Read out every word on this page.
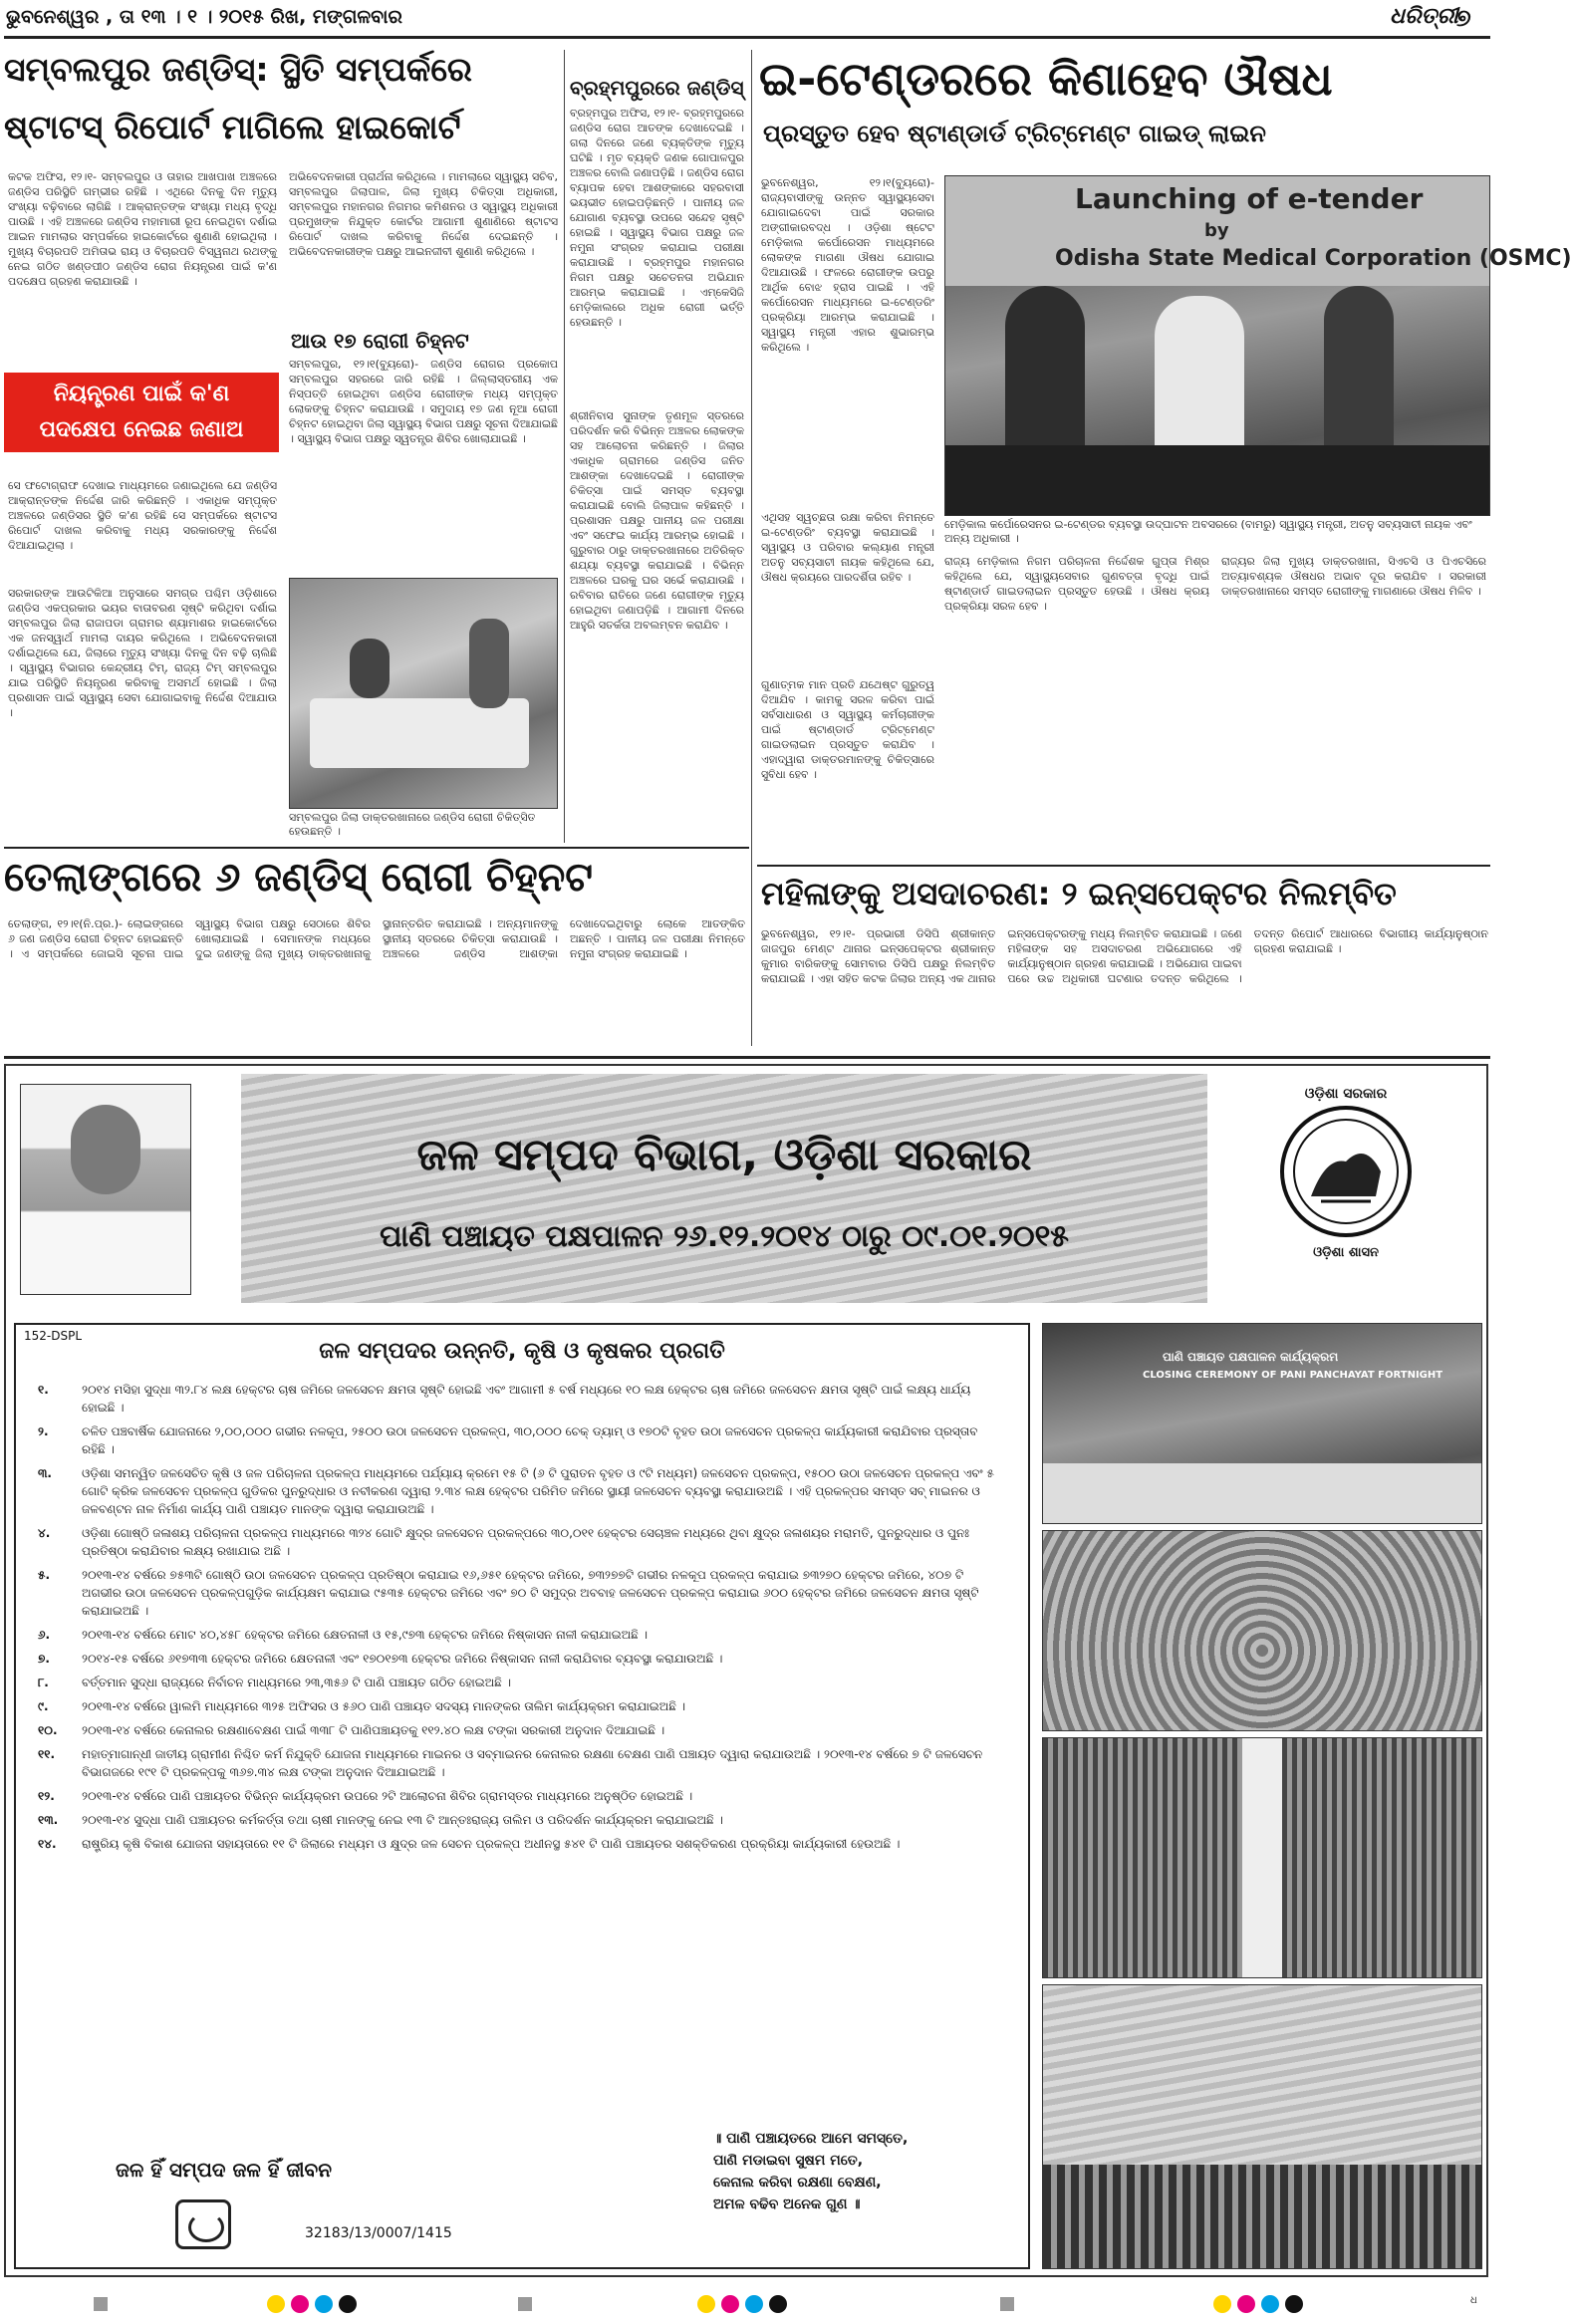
ଭୁବନେଶ୍ୱର , ତା ୧୩ । ୧ । ୨୦୧୫ ରିଖ, ମଙ୍ଗଳବାର	ଧରିତ୍ରୀ
୭
ସମ୍ବଲପୁର ଜଣ୍ଡିସ୍: ସ୍ଥିତି ସମ୍ପର୍କରେ
ଷ୍ଟାଟସ୍ ରିପୋର୍ଟ ମାଗିଲେ ହାଇକୋର୍ଟ
କଟକ ଅଫିସ, ୧୨।୧- ସମ୍ବଲପୁର ଓ ତାହାର ଆଖପାଖ ଅଞ୍ଚଳରେ ଜଣ୍ଡିସ ପରିସ୍ଥିତି ଗମ୍ଭୀର ରହିଛି । ଏଥିରେ ଦିନକୁ ଦିନ ମୃତ୍ୟୁ ସଂଖ୍ୟା ବଢ଼ିବାରେ ଲାଗିଛି । ଆକ୍ରାନ୍ତଙ୍କ ସଂଖ୍ୟା ମଧ୍ୟ ବୃଦ୍ଧି ପାଉଛି । ଏହି ଅଞ୍ଚଳରେ ଜଣ୍ଡିସ ମହାମାରୀ ରୂପ ନେଇଥିବା ଦର୍ଶାଇ ଆଇନ ମାମଲାର ସମ୍ପର୍କରେ ହାଇକୋର୍ଟରେ ଶୁଣାଣି ହୋଇଥିଲା । ମୁଖ୍ୟ ବିଚାରପତି ଅମିତାଭ ରାୟ ଓ ବିଚାରପତି ବିସ୍ୱନାଥ ରଥଙ୍କୁ ନେଇ ଗଠିତ ଖଣ୍ଡପୀଠ ଜଣ୍ଡିସ ରୋଗ ନିୟନ୍ତ୍ରଣ ପାଇଁ କ'ଣ ପଦକ୍ଷେପ ଗ୍ରହଣ କରାଯାଉଛି ।
ଅଭିବେଦନକାରୀ ପ୍ରାର୍ଥନା କରିଥିଲେ । ମାମଲାରେ ସ୍ୱାସ୍ଥ୍ୟ ସଚିବ, ସମ୍ବଲପୁର ଜିଲାପାଳ, ଜିଲା ମୁଖ୍ୟ ଚିକିତ୍ସା ଅଧିକାରୀ, ସମ୍ବଲପୁର ମହାନଗର ନିଗମର କମିଶନର ଓ ସ୍ୱାସ୍ଥ୍ୟ ଅଧିକାରୀ ପ୍ରମୁଖଙ୍କ ନିଯୁକ୍ତ କୋର୍ଟର ଆଗାମୀ ଶୁଣାଣିରେ ଷ୍ଟାଟସ ରିପୋର୍ଟ ଦାଖଲ କରିବାକୁ ନିର୍ଦ୍ଦେଶ ଦେଇଛନ୍ତି । ଅଭିବେଦନକାରୀଙ୍କ ପକ୍ଷରୁ ଆଇନଜୀବୀ ଶୁଣାଣି କରିଥିଲେ ।
ନିୟନ୍ତ୍ରଣ ପାଇଁ କ'ଣ ପଦକ୍ଷେପ ନେଇଛ ଜଣାଅ
ସେ ଫଟୋଗ୍ରାଫ ଦେଖାଇ ମାଧ୍ୟମରେ ଜଣାଇଥିଲେ ଯେ ଜଣ୍ଡିସ ଆକ୍ରାନ୍ତଙ୍କ ନିର୍ଦ୍ଦେଶ ଜାରି କରିଛନ୍ତି । ଏକାଧିକ ସମ୍ପୃକ୍ତ ଅଞ୍ଚଳରେ ଜଣ୍ଡିସର ସ୍ଥିତି କ'ଣ ରହିଛି ସେ ସମ୍ପର୍କରେ ଷ୍ଟାଟସ ରିପୋର୍ଟ ଦାଖଲ କରିବାକୁ ମଧ୍ୟ ସରକାରଙ୍କୁ ନିର୍ଦ୍ଦେଶ ଦିଆଯାଇଥିଲା ।
ସରକାରଙ୍କ ଆଉଟିକିଆ ଅନୁସାରେ ସମଗ୍ର ପଶ୍ଚିମ ଓଡ଼ିଶାରେ ଜଣ୍ଡିସ ଏକପ୍ରକାର ଭୟର ବାତାବରଣ ସୃଷ୍ଟି କରିଥିବା ଦର୍ଶାଇ ସମ୍ବଲପୁର ଜିଲା ରାଜାପଡା ଗ୍ରାମର ଶ୍ୟାମାଶର ହାଇକୋର୍ଟରେ ଏକ ଜନସ୍ୱାର୍ଥ ମାମଲା ଦାୟର କରିଥିଲେ । ଅଭିବେଦନକାରୀ ଦର୍ଶାଇଥିଲେ ଯେ, ଜିଲାରେ ମୃତ୍ୟୁ ସଂଖ୍ୟା ଦିନକୁ ଦିନ ବଢ଼ି ଚାଲିଛି । ସ୍ୱାସ୍ଥ୍ୟ ବିଭାଗର କେନ୍ଦ୍ରୀୟ ଟିମ୍, ରାଜ୍ୟ ଟିମ୍ ସମ୍ବଲପୁର ଯାଇ ପରିସ୍ଥିତି ନିୟନ୍ତ୍ରଣ କରିବାକୁ ଅସମର୍ଥ ହୋଇଛି । ଜିଲା ପ୍ରଶାସନ ପାଇଁ ସ୍ୱାସ୍ଥ୍ୟ ସେବା ଯୋଗାଇବାକୁ ନିର୍ଦ୍ଦେଶ ଦିଆଯାଉ ।
ଆଉ ୧୭ ରୋଗୀ ଚିହ୍ନଟ
ସମ୍ବଲପୁର, ୧୨।୧(ବ୍ୟୁରୋ)- ଜଣ୍ଡିସ ରୋଗର ପ୍ରକୋପ ସମ୍ବଲପୁର ସହରରେ ଜାରି ରହିଛି । ଜିଲ୍ଲାସ୍ତରୀୟ ଏକ ନିସ୍ପତ୍ତି ହୋଇଥିବା ଜଣ୍ଡିସ ରୋଗୀଙ୍କ ମଧ୍ୟ ସମ୍ପୃକ୍ତ ଲୋକଙ୍କୁ ଚିହ୍ନଟ କରାଯାଉଛି । ସମୁଦାୟ ୧୭ ଜଣ ନୂଆ ରୋଗୀ ଚିହ୍ନଟ ହୋଇଥିବା ଜିଲା ସ୍ୱାସ୍ଥ୍ୟ ବିଭାଗ ପକ୍ଷରୁ ସୂଚନା ଦିଆଯାଇଛି । ସ୍ୱାସ୍ଥ୍ୟ ବିଭାଗ ପକ୍ଷରୁ ସ୍ୱତନ୍ତ୍ର ଶିବିର ଖୋଲାଯାଇଛି ।
ସମ୍ବଲପୁର ଜିଲା ଡାକ୍ତରଖାନାରେ ଜଣ୍ଡିସ ରୋଗୀ ଚିକିତ୍ସିତ ହେଉଛନ୍ତି ।
ବ୍ରହ୍ମପୁରରେ ଜଣ୍ଡିସ୍
ବ୍ରହ୍ମପୁର ଅଫିସ, ୧୨।୧- ବ୍ରହ୍ମପୁରରେ ଜଣ୍ଡିସ ରୋଗ ଆତଙ୍କ ଦେଖାଦେଇଛି । ଗଲା ଦିନରେ ଜଣେ ବ୍ୟକ୍ତିଙ୍କ ମୃତ୍ୟୁ ଘଟିଛି । ମୃତ ବ୍ୟକ୍ତି ଜଣକ ଗୋପାଳପୁର ଅଞ୍ଚଳର ବୋଲି ଜଣାପଡ଼ିଛି । ଜଣ୍ଡିସ ରୋଗ ବ୍ୟାପକ ହେବା ଆଶଙ୍କାରେ ସହରବାସୀ ଭୟଭୀତ ହୋଇପଡ଼ିଛନ୍ତି । ପାନୀୟ ଜଳ ଯୋଗାଣ ବ୍ୟବସ୍ଥା ଉପରେ ସନ୍ଦେହ ସୃଷ୍ଟି ହୋଇଛି । ସ୍ୱାସ୍ଥ୍ୟ ବିଭାଗ ପକ୍ଷରୁ ଜଳ ନମୁନା ସଂଗ୍ରହ କରାଯାଇ ପରୀକ୍ଷା କରାଯାଉଛି । ବ୍ରହ୍ମପୁର ମହାନଗର ନିଗମ ପକ୍ଷରୁ ସଚେତନତା ଅଭିଯାନ ଆରମ୍ଭ କରାଯାଇଛି । ଏମ୍କେସିଜି ମେଡ଼ିକାଲରେ ଅଧିକ ରୋଗୀ ଭର୍ତ୍ତି ହେଉଛନ୍ତି ।
ଶ୍ରୀନିବାସ ସୁନାଙ୍କ ତୃଣମୂଳ ସ୍ତରରେ ପରିଦର୍ଶନ କରି ବିଭିନ୍ନ ଅଞ୍ଚଳର ଲୋକଙ୍କ ସହ ଆଲୋଚନା କରିଛନ୍ତି । ଜିଲାର ଏକାଧିକ ଗ୍ରାମରେ ଜଣ୍ଡିସ ଜନିତ ଆଶଙ୍କା ଦେଖାଦେଇଛି । ରୋଗୀଙ୍କ ଚିକିତ୍ସା ପାଇଁ ସମସ୍ତ ବ୍ୟବସ୍ଥା କରାଯାଇଛି ବୋଲି ଜିଲାପାଳ କହିଛନ୍ତି । ପ୍ରଶାସନ ପକ୍ଷରୁ ପାନୀୟ ଜଳ ପରୀକ୍ଷା ଏବଂ ସଫେଇ କାର୍ଯ୍ୟ ଆରମ୍ଭ ହୋଇଛି । ଗୁରୁବାର ଠାରୁ ଡାକ୍ତରଖାନାରେ ଅତିରିକ୍ତ ଶଯ୍ୟା ବ୍ୟବସ୍ଥା କରାଯାଇଛି । ବିଭିନ୍ନ ଅଞ୍ଚଳରେ ଘରକୁ ଘର ସର୍ଭେ କରାଯାଉଛି । ରବିବାର ରାତିରେ ଜଣେ ରୋଗୀଙ୍କ ମୃତ୍ୟୁ ହୋଇଥିବା ଜଣାପଡ଼ିଛି । ଆଗାମୀ ଦିନରେ ଆହୁରି ସତର୍କତା ଅବଲମ୍ବନ କରାଯିବ ।
ଇ-ଟେଣ୍ଡରରେ କିଣାହେବ ଔଷଧ
ପ୍ରସ୍ତୁତ ହେବ ଷ୍ଟାଣ୍ଡାର୍ଡ ଟ୍ରିଟ୍‌ମେଣ୍ଟ ଗାଇଡ୍ ଲାଇନ
ଭୁବନେଶ୍ୱର, ୧୨।୧(ବ୍ୟୁରୋ)- ରାଜ୍ୟବାସୀଙ୍କୁ ଉନ୍ନତ ସ୍ୱାସ୍ଥ୍ୟସେବା ଯୋଗାଇଦେବା ପାଇଁ ସରକାର ଅଙ୍ଗୀକାରବଦ୍ଧ । ଓଡ଼ିଶା ଷ୍ଟେଟ ମେଡ଼ିକାଲ କର୍ପୋରେସନ ମାଧ୍ୟମରେ ଲୋକଙ୍କ ମାଗଣା ଔଷଧ ଯୋଗାଇ ଦିଆଯାଉଛି । ଫଳରେ ରୋଗୀଙ୍କ ଉପରୁ ଆର୍ଥିକ ବୋଝ ହ୍ରାସ ପାଇଛି । ଏହି କର୍ପୋରେସନ ମାଧ୍ୟମରେ ଇ-ଟେଣ୍ଡରିଂ ପ୍ରକ୍ରିୟା ଆରମ୍ଭ କରାଯାଇଛି । ସ୍ୱାସ୍ଥ୍ୟ ମନ୍ତ୍ରୀ ଏହାର ଶୁଭାରମ୍ଭ କରିଥିଲେ ।
ଏଥିସହ ସ୍ୱଚ୍ଛତା ରକ୍ଷା କରିବା ନିମନ୍ତେ ଇ-ଟେଣ୍ଡରିଂ ବ୍ୟବସ୍ଥା କରାଯାଇଛି । ସ୍ୱାସ୍ଥ୍ୟ ଓ ପରିବାର କଲ୍ୟାଣ ମନ୍ତ୍ରୀ ଅତନୁ ସବ୍ୟସାଚୀ ନାୟକ କହିଥିଲେ ଯେ, ଔଷଧ କ୍ରୟରେ ପାରଦର୍ଶିତା ରହିବ ।
Launching of e-tender
by
Odisha State Medical Corporation (OSMC)
ମେଡ଼ିକାଲ କର୍ପୋରେସନର ଇ-ଟେଣ୍ଡର ବ୍ୟବସ୍ଥା ଉଦ୍‌ଘାଟନ ଅବସରରେ (ବାମରୁ) ସ୍ୱାସ୍ଥ୍ୟ ମନ୍ତ୍ରୀ, ଅତନୁ ସବ୍ୟସାଚୀ ନାୟକ ଏବଂ ଅନ୍ୟ ଅଧିକାରୀ ।
ଗୁଣାତ୍ମକ ମାନ ପ୍ରତି ଯଥେଷ୍ଟ ଗୁରୁତ୍ୱ ଦିଆଯିବ । କାମକୁ ସରଳ କରିବା ପାଇଁ ସର୍ବସାଧାରଣ ଓ ସ୍ୱାସ୍ଥ୍ୟ କର୍ମଚାରୀଙ୍କ ପାଇଁ ଷ୍ଟାଣ୍ଡାର୍ଡ ଟ୍ରିଟ୍‌ମେଣ୍ଟ ଗାଇଡଲାଇନ ପ୍ରସ୍ତୁତ କରାଯିବ । ଏହାଦ୍ୱାରା ଡାକ୍ତରମାନଙ୍କୁ ଚିକିତ୍ସାରେ ସୁବିଧା ହେବ ।
ରାଜ୍ୟ ମେଡ଼ିକାଲ ନିଗମ ପରିଚାଳନା ନିର୍ଦ୍ଦେଶକ ଗୁପ୍ତା ମିଶ୍ର କହିଥିଲେ ଯେ, ସ୍ୱାସ୍ଥ୍ୟସେବାର ଗୁଣବତ୍ତା ବୃଦ୍ଧି ପାଇଁ ଷ୍ଟାଣ୍ଡାର୍ଡ ଗାଇଡଲାଇନ ପ୍ରସ୍ତୁତ ହେଉଛି । ଔଷଧ କ୍ରୟ ପ୍ରକ୍ରିୟା ସରଳ ହେବ ।
ରାଜ୍ୟର ଜିଲା ମୁଖ୍ୟ ଡାକ୍ତରଖାନା, ସିଏଚସି ଓ ପିଏଚସିରେ ଅତ୍ୟାବଶ୍ୟକ ଔଷଧର ଅଭାବ ଦୂର କରାଯିବ । ସରକାରୀ ଡାକ୍ତରଖାନାରେ ସମସ୍ତ ରୋଗୀଙ୍କୁ ମାଗଣାରେ ଔଷଧ ମିଳିବ ।
ତେଲାଙ୍ଗରେ ୬ ଜଣ୍ଡିସ୍ ରୋଗୀ ଚିହ୍ନଟ
ତେଲାଙ୍ଗ, ୧୨।୧(ନି.ପ୍ର.)- ଲୋଇଙ୍ଗରେ ୬ ଜଣ ଜଣ୍ଡିସ ରୋଗୀ ଚିହ୍ନଟ ହୋଇଛନ୍ତି । ଏ ସମ୍ପର୍କରେ ଜୋଇସି ସୂଚନା ପାଇ ସ୍ୱାସ୍ଥ୍ୟ ବିଭାଗ ପକ୍ଷରୁ ସେଠାରେ ଶିବିର ଖୋଲାଯାଇଛି । ସେମାନଙ୍କ ମଧ୍ୟରେ ଦୁଇ ଜଣଙ୍କୁ ଜିଲା ମୁଖ୍ୟ ଡାକ୍ତରଖାନାକୁ ସ୍ଥାନାନ୍ତରିତ କରାଯାଇଛି । ଅନ୍ୟମାନଙ୍କୁ ସ୍ଥାନୀୟ ସ୍ତରରେ ଚିକିତ୍ସା କରାଯାଉଛି । ଅଞ୍ଚଳରେ ଜଣ୍ଡିସ ଆଶଙ୍କା ଦେଖାଦେଇଥିବାରୁ ଲୋକେ ଆତଙ୍କିତ ଅଛନ୍ତି । ପାନୀୟ ଜଳ ପରୀକ୍ଷା ନିମନ୍ତେ ନମୁନା ସଂଗ୍ରହ କରାଯାଇଛି ।
ମହିଳାଙ୍କୁ ଅସଦାଚରଣ: ୨ ଇନ୍‌ସପେକ୍ଟର ନିଲମ୍ବିତ
ଭୁବନେଶ୍ୱର, ୧୨।୧- ପ୍ରଭାରୀ ଡିସିପି ଶ୍ରୀକାନ୍ତ ଜାଜପୁର ମେଣ୍ଟ ଥାନାର ଇନ୍‌ସପେକ୍ଟର ଶ୍ରୀକାନ୍ତ କୁମାର ବାରିକଙ୍କୁ ସୋମବାର ଡିସିପି ପକ୍ଷରୁ ନିଲମ୍ବିତ କରାଯାଇଛି । ଏହା ସହିତ କଟକ ଜିଲାର ଅନ୍ୟ ଏକ ଥାନାର ଇନ୍‌ସପେକ୍ଟରଙ୍କୁ ମଧ୍ୟ ନିଲମ୍ବିତ କରାଯାଇଛି । ଜଣେ ମହିଳାଙ୍କ ସହ ଅସଦାଚରଣ ଅଭିଯୋଗରେ ଏହି କାର୍ଯ୍ୟାନୁଷ୍ଠାନ ଗ୍ରହଣ କରାଯାଇଛି । ଅଭିଯୋଗ ପାଇବା ପରେ ଉଚ୍ଚ ଅଧିକାରୀ ଘଟଣାର ତଦନ୍ତ କରିଥିଲେ । ତଦନ୍ତ ରିପୋର୍ଟ ଆଧାରରେ ବିଭାଗୀୟ କାର୍ଯ୍ୟାନୁଷ୍ଠାନ ଗ୍ରହଣ କରାଯାଇଛି ।
ଜଳ ସମ୍ପଦ ବିଭାଗ, ଓଡ଼ିଶା ସରକାର
ପାଣି ପଞ୍ଚାୟତ ପକ୍ଷପାଳନ ୨୬.୧୨.୨୦୧୪ ଠାରୁ ୦୯.୦୧.୨୦୧୫
ଓଡ଼ିଶା ସରକାର
ଓଡ଼ିଶା ଶାସନ
152-DSPL
ଜଳ ସମ୍ପଦର ଉନ୍ନତି, କୃଷି ଓ କୃଷକର ପ୍ରଗତି
୧.	୨୦୧୪ ମସିହା ସୁଦ୍ଧା ୩୨.୮୪ ଲକ୍ଷ ହେକ୍ଟର ଚାଷ ଜମିରେ ଜଳସେଚନ କ୍ଷମତା ସୃଷ୍ଟି ହୋଇଛି ଏବଂ ଆଗାମୀ ୫ ବର୍ଷ ମଧ୍ୟରେ ୧୦ ଲକ୍ଷ ହେକ୍ଟର ଚାଷ ଜମିରେ ଜଳସେଚନ କ୍ଷମତା ସୃଷ୍ଟି ପାଇଁ ଲକ୍ଷ୍ୟ ଧାର୍ଯ୍ୟ ହୋଇଛି ।
୨.	ଚଳିତ ପଞ୍ଚବାର୍ଷିକ ଯୋଜନାରେ ୨,୦୦,୦୦୦ ଗଭୀର ନଳକୂପ, ୨୫୦୦ ଉଠା ଜଳସେଚନ ପ୍ରକଳ୍ପ, ୩୦,୦୦୦ ଚେକ୍ ଡ୍ୟାମ୍ ଓ ୧୭୦ଟି ବୃହତ ଉଠା ଜଳସେଚନ ପ୍ରକଳ୍ପ କାର୍ଯ୍ୟକାରୀ କରାଯିବାର ପ୍ରସ୍ତାବ ରହିଛି ।
୩.	ଓଡ଼ିଶା ସମନ୍ୱିତ ଜଳସେଚିତ କୃଷି ଓ ଜଳ ପରିଚାଳନା ପ୍ରକଳ୍ପ ମାଧ୍ୟମରେ ପର୍ଯ୍ୟାୟ କ୍ରମେ ୧୫ ଟି (୬ ଟି ପୁରାତନ ବୃହତ ଓ ୯ଟି ମଧ୍ୟମ) ଜଳସେଚନ ପ୍ରକଳ୍ପ, ୧୫୦୦ ଉଠା ଜଳସେଚନ ପ୍ରକଳ୍ପ ଏବଂ ୫ ଗୋଟି କ୍ରିକ ଜଳସେଚନ ପ୍ରକଳ୍ପ ଗୁଡିକର ପୁନରୁଦ୍ଧାର ଓ ନବୀକରଣ ଦ୍ୱାରା ୨.୩୪ ଲକ୍ଷ ହେକ୍ଟର ପରିମିତ ଜମିରେ ସ୍ଥାୟୀ ଜଳସେଚନ ବ୍ୟବସ୍ଥା କରାଯାଉଅଛି । ଏହି ପ୍ରକଳ୍ପର ସମସ୍ତ ସବ୍ ମାଇନର ଓ ଜଳବଣ୍ଟନ ନାଳ ନିର୍ମାଣ କାର୍ଯ୍ୟ ପାଣି ପଞ୍ଚାୟତ ମାନଙ୍କ ଦ୍ୱାରା କରାଯାଉଅଛି ।
୪.	ଓଡ଼ିଶା ଗୋଷ୍ଠି ଜଳାଶୟ ପରିଚାଳନା ପ୍ରକଳ୍ପ ମାଧ୍ୟମରେ ୩୨୪ ଗୋଟି କ୍ଷୁଦ୍ର ଜଳସେଚନ ପ୍ରକଳ୍ପରେ ୩୦,୦୧୧ ହେକ୍ଟର ସେଚାଞ୍ଚଳ ମଧ୍ୟରେ ଥିବା କ୍ଷୁଦ୍ର ଜଳାଶୟର ମରାମତି, ପୁନରୁଦ୍ଧାର ଓ ପୁନଃ ପ୍ରତିଷ୍ଠା କରାଯିବାର ଲକ୍ଷ୍ୟ ରଖାଯାଇ ଅଛି ।
୫.	୨୦୧୩-୧୪ ବର୍ଷରେ ୭୫୩ଟି ଗୋଷ୍ଠି ଉଠା ଜଳସେଚନ ପ୍ରକଳ୍ପ ପ୍ରତିଷ୍ଠା କରାଯାଇ ୧୬,୬୫୧ ହେକ୍ଟର ଜମିରେ, ୭୩୨୭୭ଟି ଗଭୀର ନଳକୂପ ପ୍ରକଳ୍ପ କରାଯାଇ ୭୩୨୭୦ ହେକ୍ଟର ଜମିରେ, ୪୦୭ ଟି ଅଗଭୀର ଉଠା ଜଳସେଚନ ପ୍ରକଳ୍ପଗୁଡ଼ିକ କାର୍ଯ୍ୟକ୍ଷମ କରାଯାଇ ୯୫୩୫ ହେକ୍ଟର ଜମିରେ ଏବଂ ୭୦ ଟି ସମୁଦ୍ର ଅବବାହ ଜଳସେଚନ ପ୍ରକଳ୍ପ କରାଯାଇ ୬୦୦ ହେକ୍ଟର ଜମିରେ ଜଳସେଚନ କ୍ଷମତା ସୃଷ୍ଟି କରାଯାଇଅଛି ।
୬.	୨୦୧୩-୧୪ ବର୍ଷରେ ମୋଟ ୪୦,୪୫୮ ହେକ୍ଟର ଜମିରେ କ୍ଷେତନାଳୀ ଓ ୧୫,୯୭୩ ହେକ୍ଟର ଜମିରେ ନିଷ୍କାସନ ନାଳୀ କରାଯାଇଅଛି ।
୭.	୨୦୧୪-୧୫ ବର୍ଷରେ ୬୧୭୩୩ ହେକ୍ଟର ଜମିରେ କ୍ଷେତନାଳୀ ଏବଂ ୧୭୦୧୭୩ ହେକ୍ଟର ଜମିରେ ନିଷ୍କାସନ ନାଳୀ କରାଯିବାର ବ୍ୟବସ୍ଥା କରାଯାଉଅଛି ।
୮.	ବର୍ତ୍ତମାନ ସୁଦ୍ଧା ରାଜ୍ୟରେ ନିର୍ବାଚନ ମାଧ୍ୟମରେ ୨୩,୩୫୬ ଟି ପାଣି ପଞ୍ଚାୟତ ଗଠିତ ହୋଇଅଛି ।
୯.	୨୦୧୩-୧୪ ବର୍ଷରେ ୱାଲମି ମାଧ୍ୟମରେ ୩୨୫ ଅଫିସର ଓ ୫୬୦ ପାଣି ପଞ୍ଚାୟତ ସଦସ୍ୟ ମାନଙ୍କର ତାଲିମ କାର୍ଯ୍ୟକ୍ରମ କରାଯାଇଅଛି ।
୧୦.	୨୦୧୩-୧୪ ବର୍ଷରେ କେନାଲର ରକ୍ଷଣାବେକ୍ଷଣ ପାଇଁ ୩୩୮ ଟି ପାଣିପଞ୍ଚାୟତକୁ ୧୧୨.୪୦ ଲକ୍ଷ ଟଙ୍କା ସରକାରୀ ଅନୁଦାନ ଦିଆଯାଇଛି ।
୧୧.	ମହାତ୍ମାଗାନ୍ଧୀ ଜାତୀୟ ଗ୍ରାମୀଣ ନିଶ୍ଚିତ କର୍ମ ନିଯୁକ୍ତି ଯୋଜନା ମାଧ୍ୟମରେ ମାଇନର ଓ ସବ୍‌ମାଇନର କେନାଲର ରକ୍ଷଣା ବେକ୍ଷଣ ପାଣି ପଞ୍ଚାୟତ ଦ୍ୱାରା କରାଯାଉଅଛି । ୨୦୧୩-୧୪ ବର୍ଷରେ ୭ ଟି ଜଳସେଚନ ବିଭାଗଜରେ ୧୯୧ ଟି ପ୍ରକଳ୍ପକୁ ୩୬୭.୩୪ ଲକ୍ଷ ଟଙ୍କା ଅନୁଦାନ ଦିଆଯାଇଅଛି ।
୧୨.	୨୦୧୩-୧୪ ବର୍ଷରେ ପାଣି ପଞ୍ଚାୟତର ବିଭିନ୍ନ କାର୍ଯ୍ୟକ୍ରମ ଉପରେ ୨ଟି ଆଲୋଚନା ଶିବିର ଗ୍ରାମସ୍ତର ମାଧ୍ୟମରେ ଅନୁଷ୍ଠିତ ହୋଇଅଛି ।
୧୩.	୨୦୧୩-୧୪ ସୁଦ୍ଧା ପାଣି ପଞ୍ଚାୟତର କର୍ମକର୍ତ୍ତା ତଥା ଚାଷୀ ମାନଙ୍କୁ ନେଇ ୧୩ ଟି ଆନ୍ତଃରାଜ୍ୟ ତାଲିମ ଓ ପରିଦର୍ଶନ କାର୍ଯ୍ୟକ୍ରମ କରାଯାଇଅଛି ।
୧୪.	ରାଷ୍ଟ୍ରିୟ କୃଷି ବିକାଶ ଯୋଜନା ସହାୟତାରେ ୧୧ ଟି ଜିଲାରେ ମଧ୍ୟମ ଓ କ୍ଷୁଦ୍ର ଜଳ ସେଚନ ପ୍ରକଳ୍ପ ଅଧୀନସ୍ଥ ୫୪୧ ଟି ପାଣି ପଞ୍ଚାୟତର ସଶକ୍ତିକରଣ ପ୍ରକ୍ରିୟା କାର୍ଯ୍ୟକାରୀ ହେଉଅଛି ।
ଜଳ ହିଁ ସମ୍ପଦ ଜଳ ହିଁ ଜୀବନ
॥ ପାଣି ପଞ୍ଚାୟତରେ ଆମେ ସମସ୍ତେ,
ପାଣି ମଡାଇବା ସୁଷମ ମତେ,
କେନାଲ କରିବା ରକ୍ଷଣା ବେକ୍ଷଣ,
ଅମଳ ବଢିବ ଅନେକ ଗୁଣ ॥
32183/13/0007/1415
ପାଣି ପଞ୍ଚାୟତ ପକ୍ଷପାଳନ କାର୍ଯ୍ୟକ୍ରମ
CLOSING CEREMONY OF PANI PANCHAYAT FORTNIGHT
ଧ
